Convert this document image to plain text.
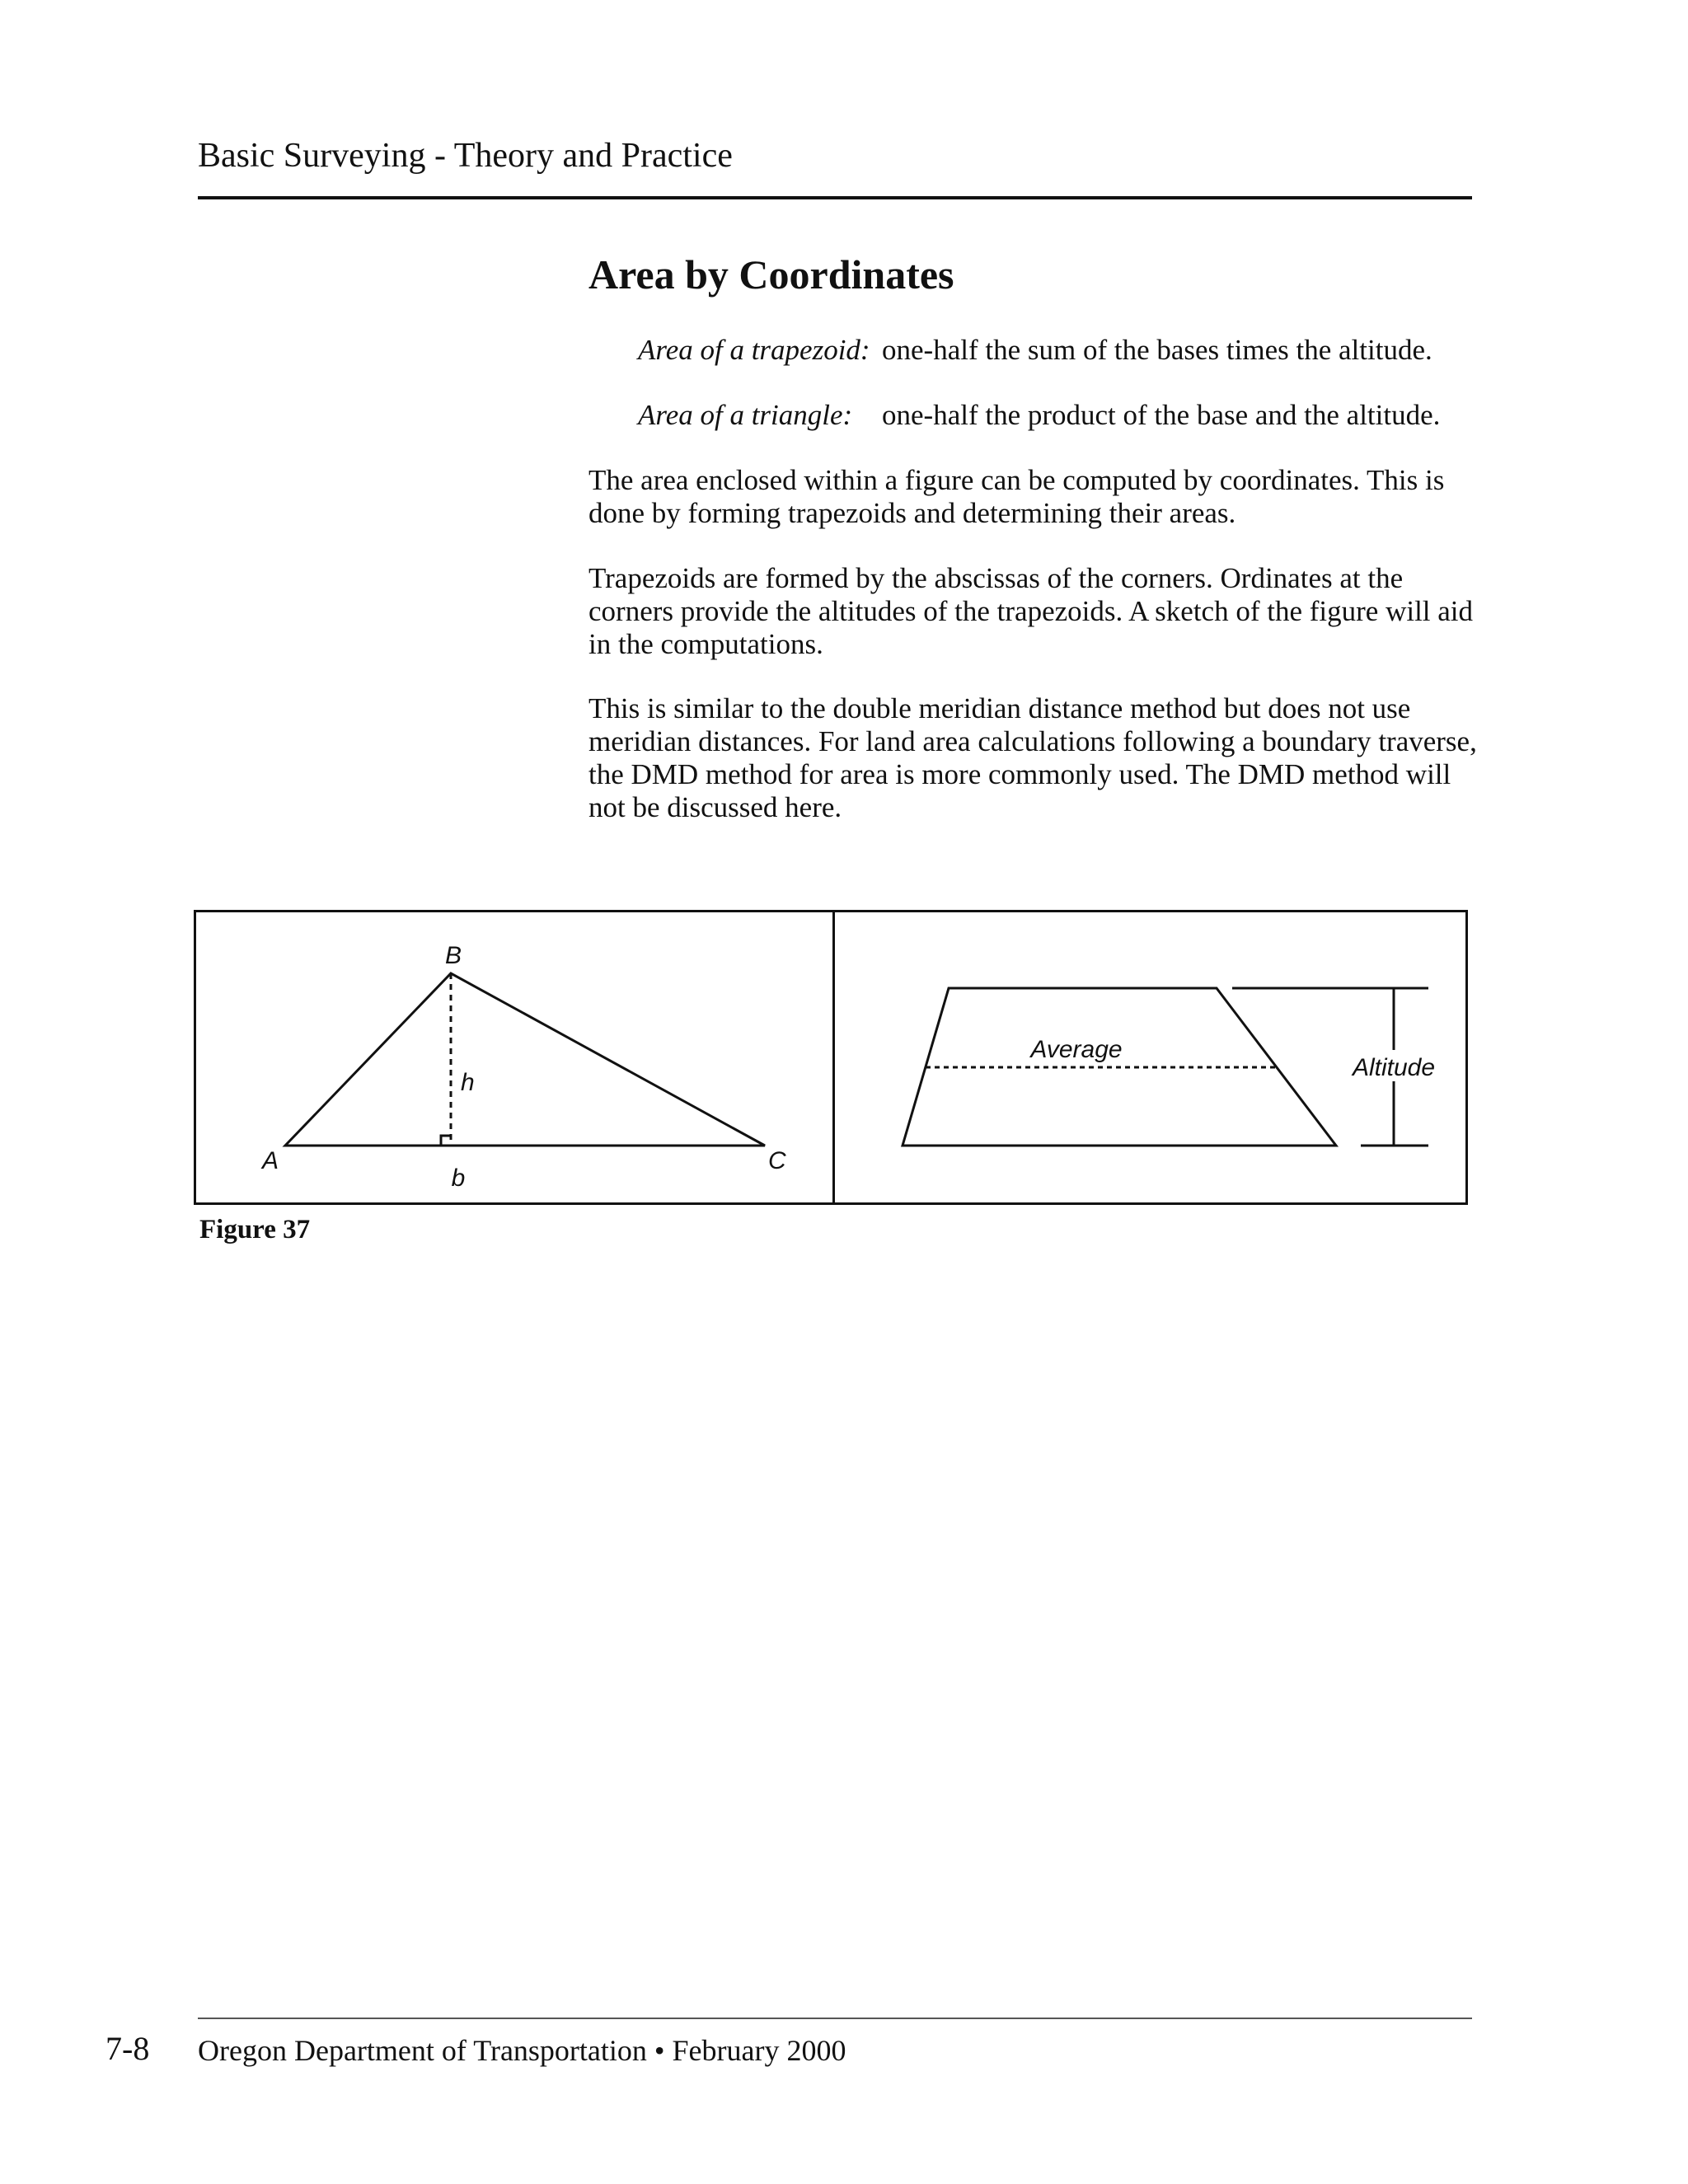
Basic Surveying - Theory and Practice
Area by Coordinates
Area of a trapezoid: one-half the sum of the bases times the altitude.
Area of a triangle: one-half the product of the base and the altitude.

The area enclosed within a figure can be computed by coordinates. This is done by forming trapezoids and determining their areas.

Trapezoids are formed by the abscissas of the corners. Ordinates at the corners provide the altitudes of the trapezoids. A sketch of the figure will aid in the computations.

This is similar to the double meridian distance method but does not use meridian distances. For land area calculations following a boundary traverse, the DMD method for area is more commonly used. The DMD method will not be discussed here.

B
A	C
h
b
Average
Altitude
Figure 37
7-8 Oregon Department of Transportation • February 2000
